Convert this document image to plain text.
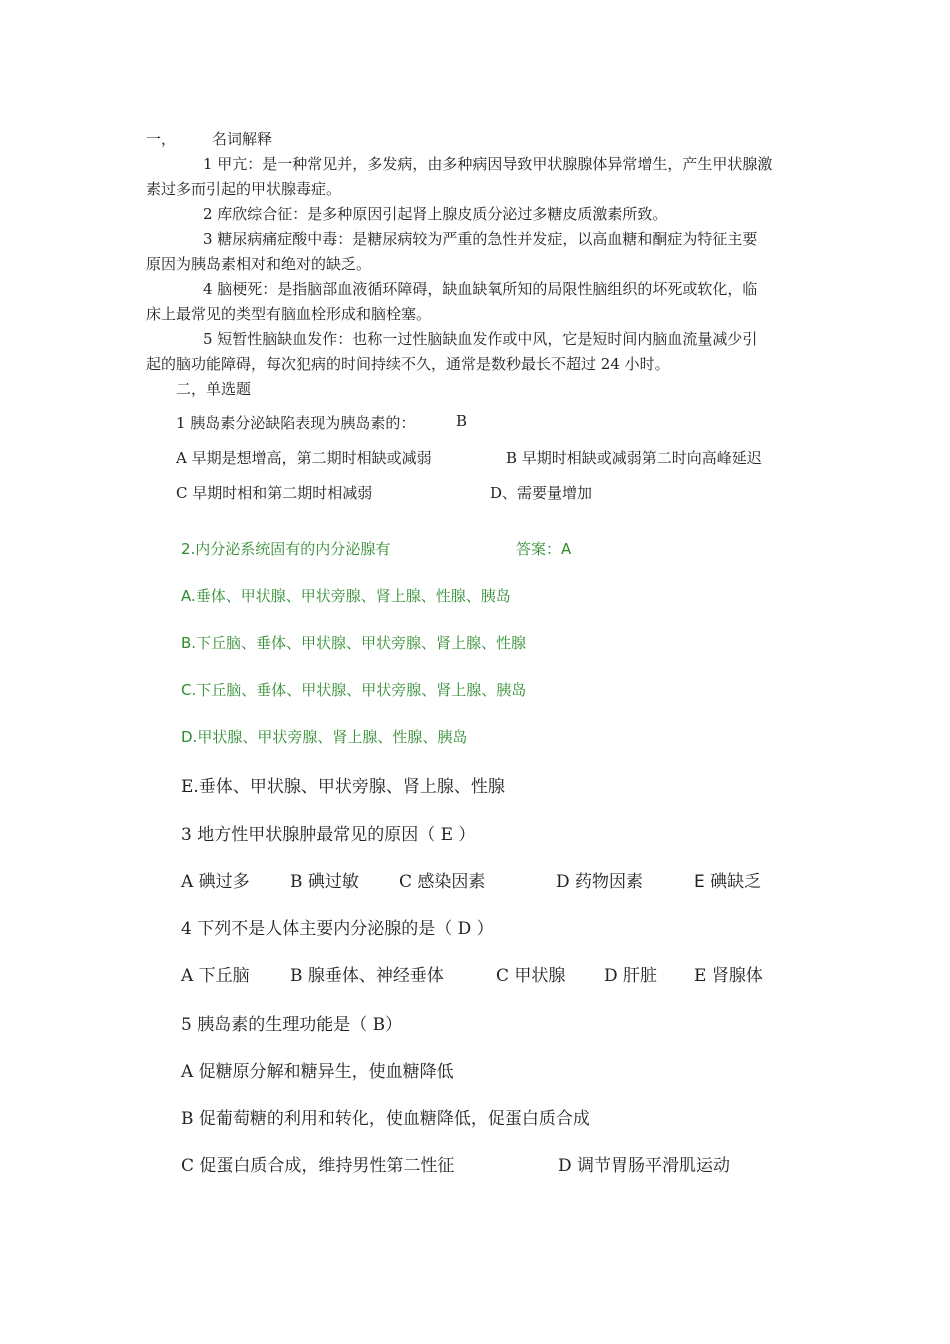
一， 名词解释
1 甲亢：是一种常见并，多发病，由多种病因导致甲状腺腺体异常增生，产生甲状腺激
素过多而引起的甲状腺毒症。
2 库欣综合征：是多种原因引起肾上腺皮质分泌过多糖皮质激素所致。
3 糖尿病痛症酸中毒：是糖尿病较为严重的急性并发症，以高血糖和酮症为特征主要
原因为胰岛素相对和绝对的缺乏。
4 脑梗死：是指脑部血液循环障碍，缺血缺氧所知的局限性脑组织的坏死或软化，临
床上最常见的类型有脑血栓形成和脑栓塞。
5 短暂性脑缺血发作：也称一过性脑缺血发作或中风，它是短时间内脑血流量减少引
起的脑功能障碍，每次犯病的时间持续不久，通常是数秒最长不超过 24 小时。
二，单选题
1 胰岛素分泌缺陷表现为胰岛素的：	B
A 早期是想增高，第二期时相缺或减弱	B 早期时相缺或减弱第二时向高峰延迟
C 早期时相和第二期时相减弱	D、需要量增加
2.内分泌系统固有的内分泌腺有	答案：A
A.垂体、甲状腺、甲状旁腺、肾上腺、性腺、胰岛
B.下丘脑、垂体、甲状腺、甲状旁腺、肾上腺、性腺
C.下丘脑、垂体、甲状腺、甲状旁腺、肾上腺、胰岛
D.甲状腺、甲状旁腺、肾上腺、性腺、胰岛
E.垂体、甲状腺、甲状旁腺、肾上腺、性腺
3 地方性甲状腺肿最常见的原因（ E ）
A 碘过多 B 碘过敏 C 感染因素	D 药物因素	E 碘缺乏
4 下列不是人体主要内分泌腺的是（ D ）
A 下丘脑 B 腺垂体、神经垂体	C 甲状腺 D 肝脏 E 肾腺体
5 胰岛素的生理功能是（ B）
A 促糖原分解和糖异生，使血糖降低
B 促葡萄糖的利用和转化，使血糖降低，促蛋白质合成
C 促蛋白质合成，维持男性第二性征	D 调节胃肠平滑肌运动
